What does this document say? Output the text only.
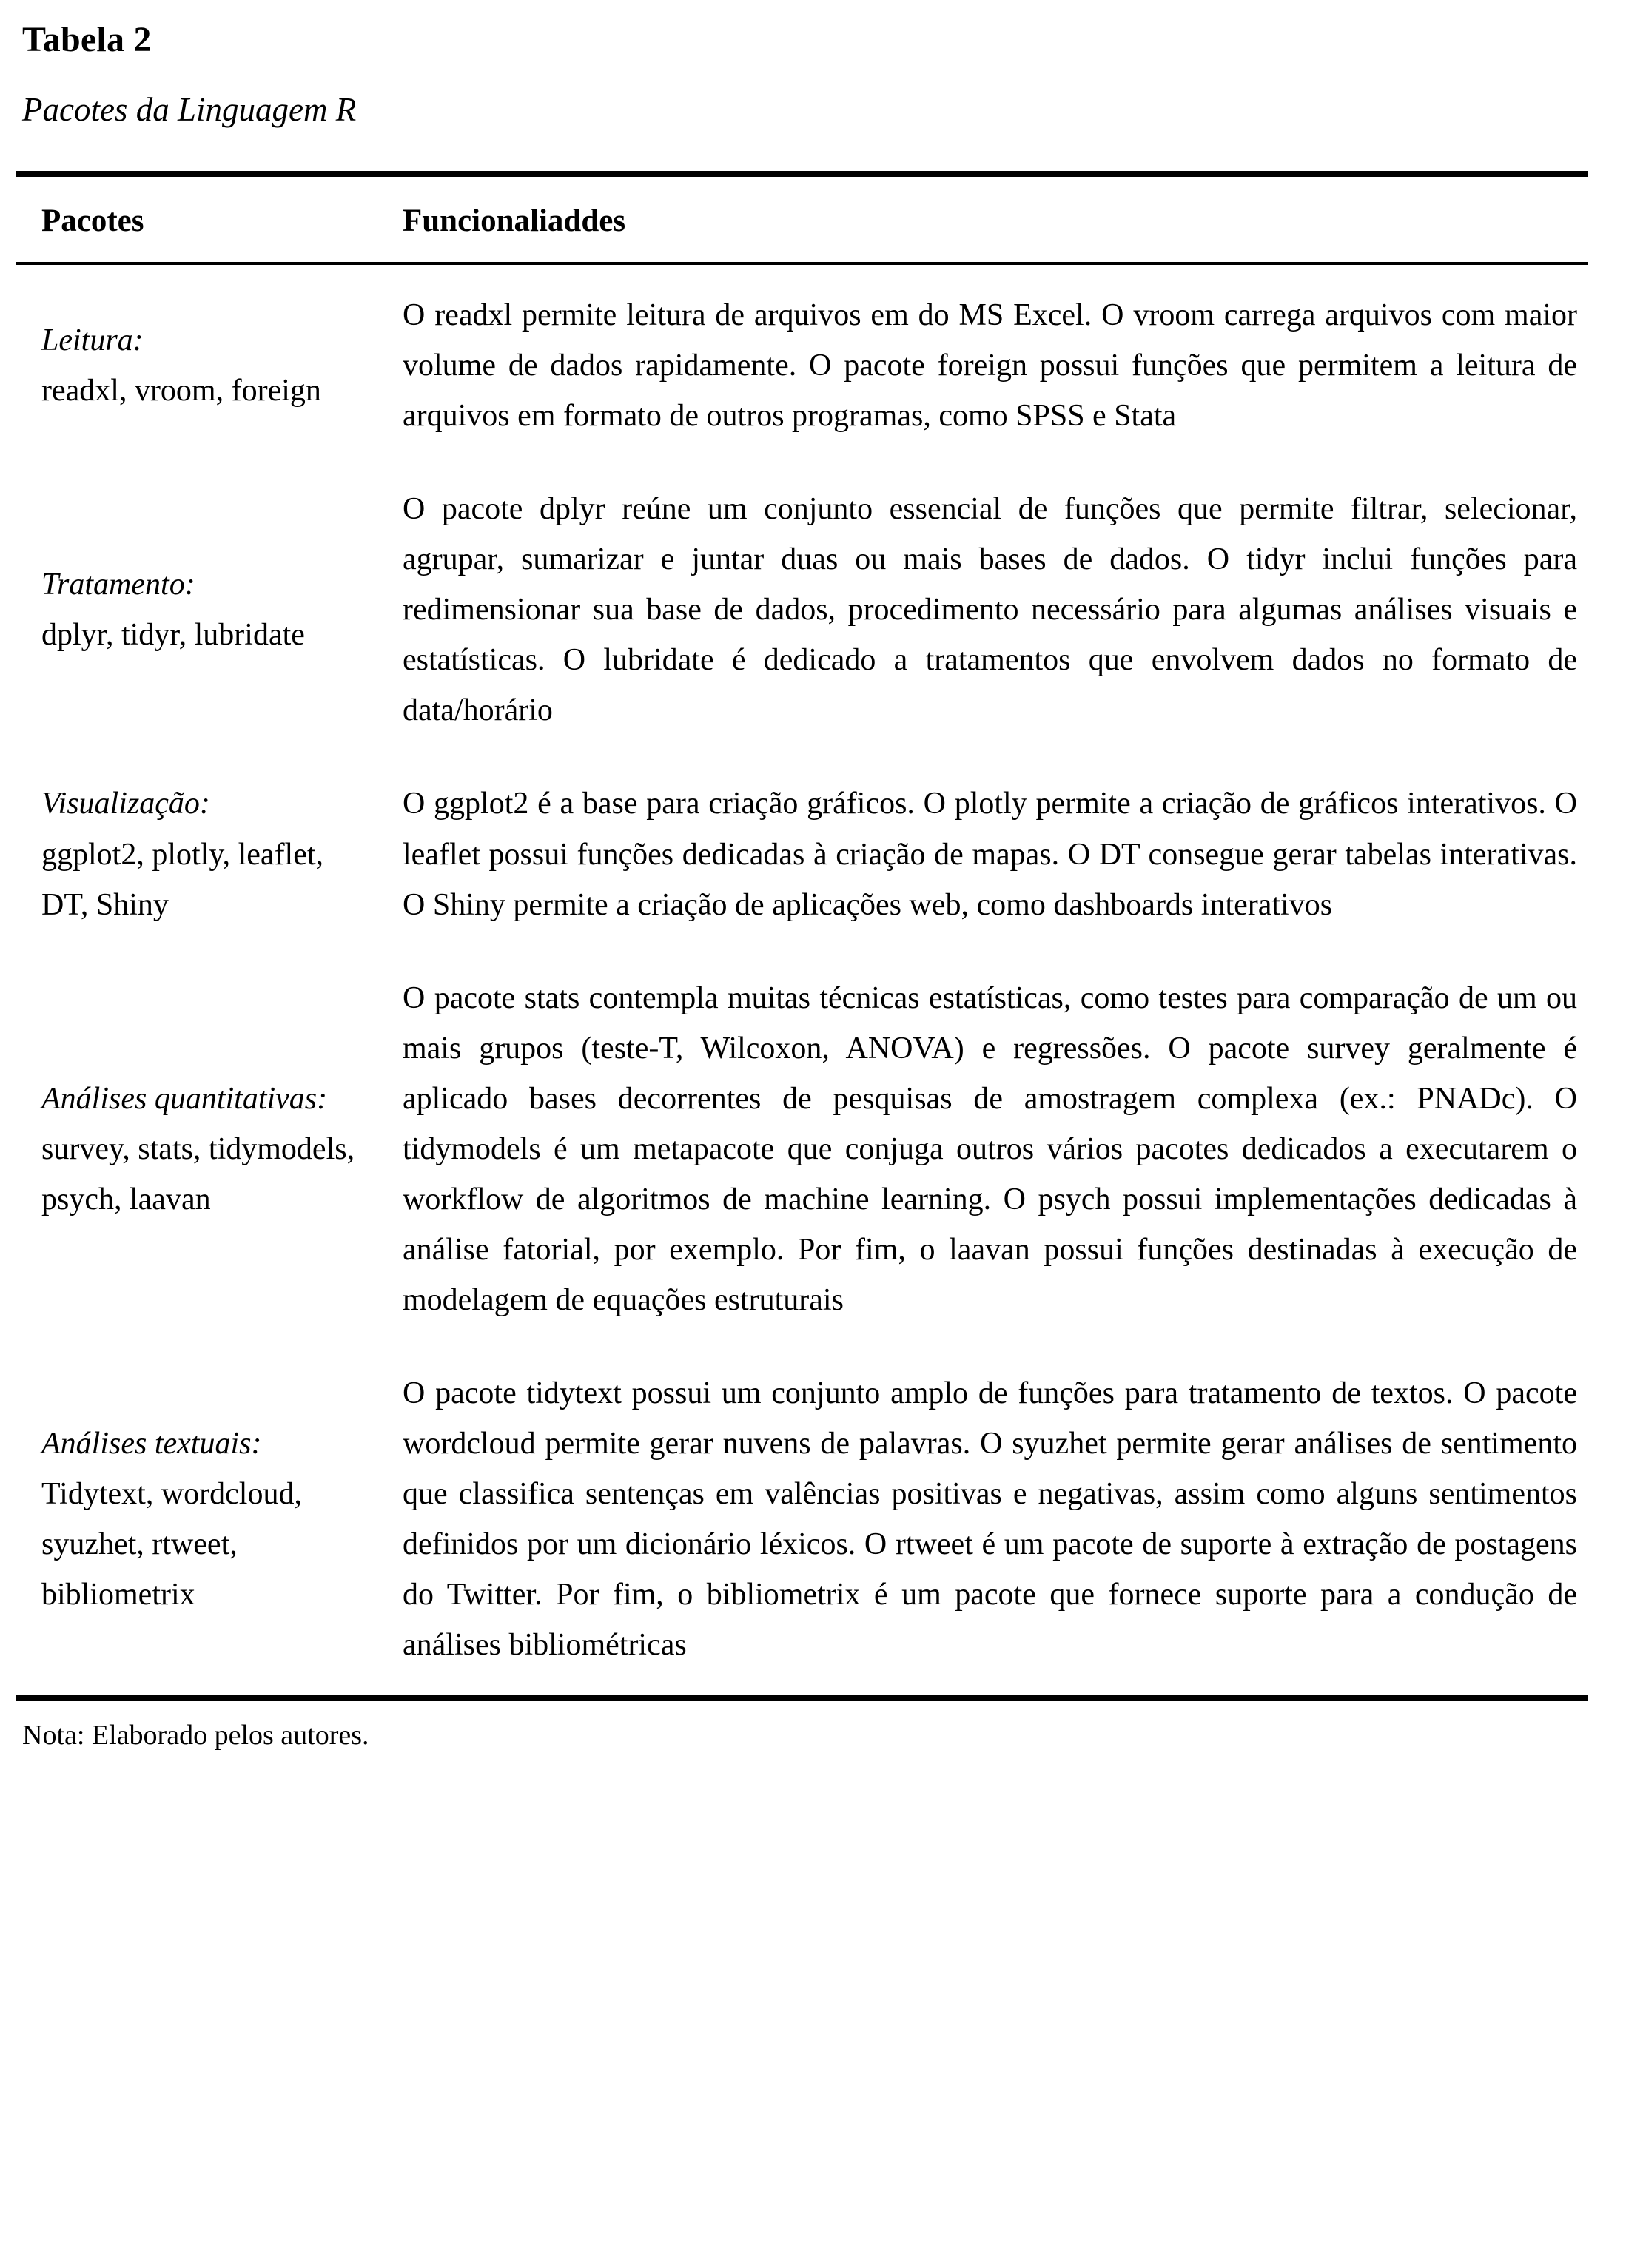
Tabela 2
Pacotes da Linguagem R
Pacotes	Funcionaliaddes

Leitura:
readxl, vroom, foreign	O readxl permite leitura de arquivos em do MS Excel. O vroom carrega arquivos com maior volume de dados rapidamente. O pacote foreign possui funções que permitem a leitura de arquivos em formato de outros programas, como SPSS e Stata

Tratamento:
dplyr, tidyr, lubridate	O pacote dplyr reúne um conjunto essencial de funções que permite filtrar, selecionar, agrupar, sumarizar e juntar duas ou mais bases de dados. O tidyr inclui funções para redimensionar sua base de dados, procedimento necessário para algumas análises visuais e estatísticas. O lubridate é dedicado a tratamentos que envolvem dados no formato de data/horário

Visualização:
ggplot2, plotly, leaflet, DT, Shiny	O ggplot2 é a base para criação gráficos. O plotly permite a criação de gráficos interativos. O leaflet possui funções dedicadas à criação de mapas. O DT consegue gerar tabelas interativas. O Shiny permite a criação de aplicações web, como dashboards interativos

Análises quantitativas:
survey, stats, tidymodels, psych, laavan	O pacote stats contempla muitas técnicas estatísticas, como testes para comparação de um ou mais grupos (teste-T, Wilcoxon, ANOVA) e regressões. O pacote survey geralmente é aplicado bases decorrentes de pesquisas de amostragem complexa (ex.: PNADc). O tidymodels é um metapacote que conjuga outros vários pacotes dedicados a executarem o workflow de algoritmos de machine learning. O psych possui implementações dedicadas à análise fatorial, por exemplo. Por fim, o laavan possui funções destinadas à execução de modelagem de equações estruturais

Análises textuais:
Tidytext, wordcloud, syuzhet, rtweet, bibliometrix	O pacote tidytext possui um conjunto amplo de funções para tratamento de textos. O pacote wordcloud permite gerar nuvens de palavras. O syuzhet permite gerar análises de sentimento que classifica sentenças em valências positivas e negativas, assim como alguns sentimentos definidos por um dicionário léxicos. O rtweet é um pacote de suporte à extração de postagens do Twitter. Por fim, o bibliometrix é um pacote que fornece suporte para a condução de análises bibliométricas
Nota: Elaborado pelos autores.
